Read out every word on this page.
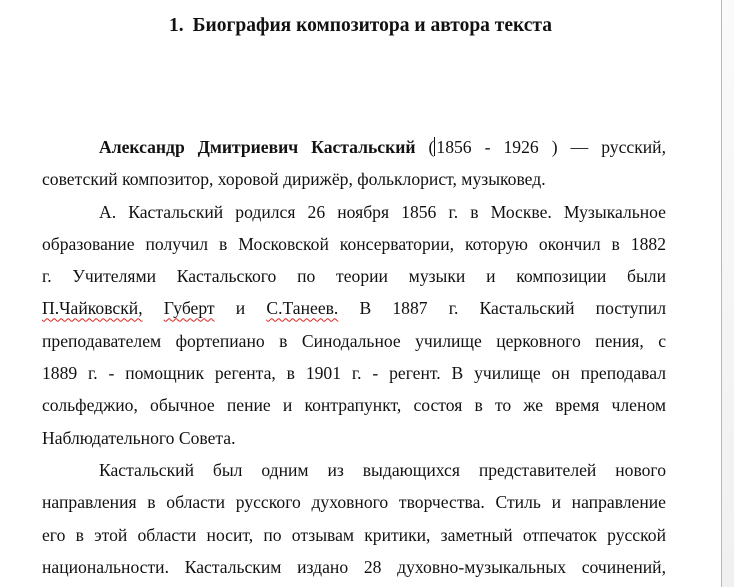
1. Биография композитора и автора текста
Александр Дмитриевич Кастальский ( 1856 - 1926 ) — русский,
советский композитор, хоровой дирижёр, фольклорист, музыковед.
А. Кастальский родился 26 ноября 1856 г. в Москве. Музыкальное
образование получил в Московской консерватории, которую окончил в 1882
г. Учителями Кастальского по теории музыки и композиции были
П.Чайковскй, Губерт и С.Танеев. В 1887 г. Кастальский поступил
преподавателем фортепиано в Синодальное училище церковного пения, с
1889 г. - помощник регента, в 1901 г. - регент. В училище он преподавал
сольфеджио, обычное пение и контрапункт, состоя в то же время членом
Наблюдательного Совета.
Кастальский был одним из выдающихся представителей нового
направления в области русского духовного творчества. Стиль и направление
его в этой области носит, по отзывам критики, заметный отпечаток русской
национальности. Кастальским издано 28 духовно-музыкальных сочинений,
